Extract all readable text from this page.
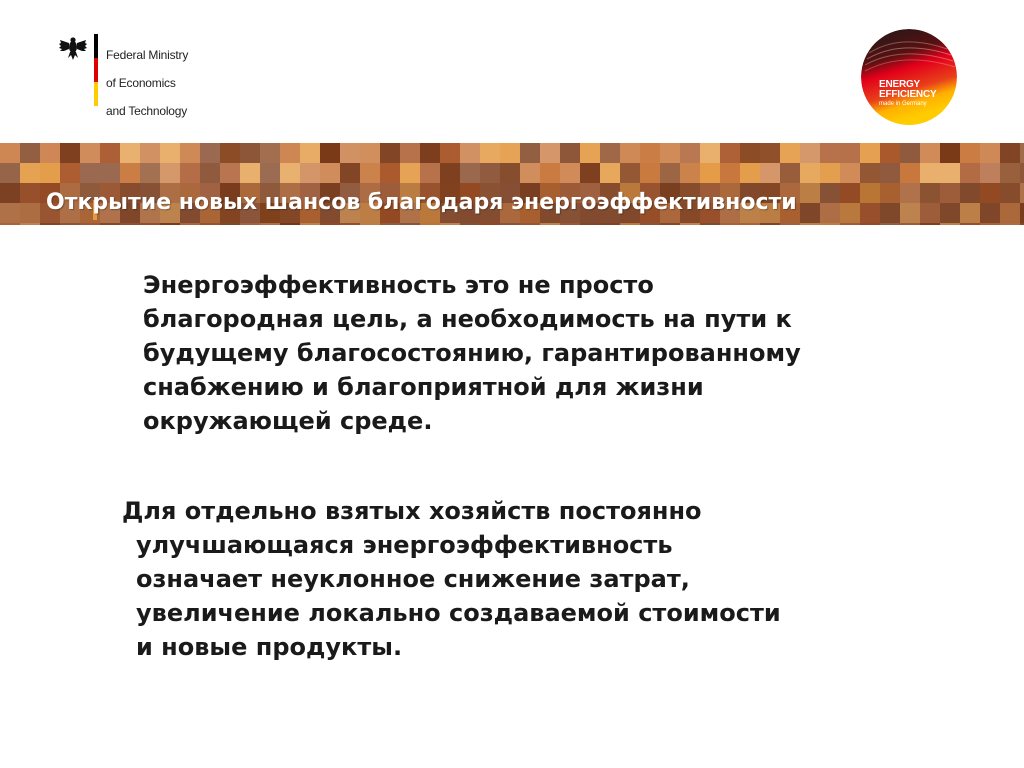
Federal Ministry

of Economics

and Technology

ENERGY
EFFICIENCY
made in Germany
Открытие новых шансов благодаря энергоэффективности
Энергоэффективность это не просто
благородная цель, а необходимость на пути к
будущему благосостоянию, гарантированному
снабжению и благоприятной для жизни
окружающей среде.
Для отдельно взятых хозяйств постоянно
улучшающаяся энергоэффективность
означает неуклонное снижение затрат,
увеличение локально создаваемой стоимости
и новые продукты.
